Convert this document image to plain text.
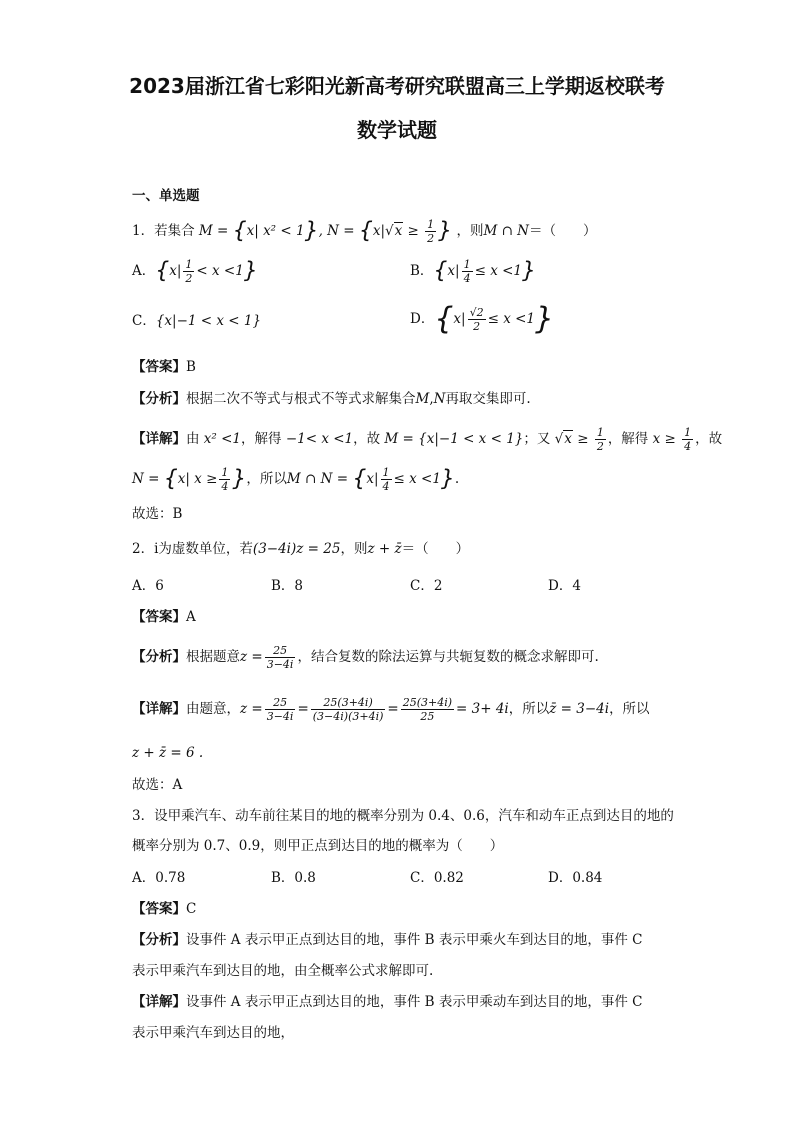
2023届浙江省七彩阳光新高考研究联盟高三上学期返校联考
数学试题
一、单选题
1．若集合 M = {x| x² < 1}, $N = \{x|√x \ge \frac{1}{2}$ } ，则M ∩ N＝（　　）
A．$\{x| \frac{1}{2} < x <1\}$	B．$\{x| \frac{1}{4} \le x <1\}$
C．{x|−1 < x < 1}	D．$\{x| \frac{√2}{2} \le x <1\}$
【答案】B
【分析】根据二次不等式与根式不等式求解集合M,N再取交集即可.
【详解】由 x² <1，解得 −1< x <1，故 M = {x|−1 < x < 1}；又 $√x \ge \frac{1}{2}$ ，解得 $x \ge \frac{1}{4}$ ，故
N = {x| $x \ge \frac{1}{4}$ }，所以M ∩ $N = \{x| \frac{1}{4} \le x <1\}$.
故选：B
2．i为虚数单位，若(3−4i)z = 25，则z + z̄＝（　　）
A．6	B．8	C．2	D．4
【答案】A
【分析】根据题意$z = \frac{25}{3-4i}$ ，结合复数的除法运算与共轭复数的概念求解即可.
【详解】由题意，$z = \frac{25}{3-4i} = \frac{25(3+4i)}{(3-4i)(3+4i)} = \frac{25(3+4i)}{25} = 3+ 4i$，所以z̄ = 3−4i，所以
z + z̄ = 6 .
故选：A
3．设甲乘汽车、动车前往某目的地的概率分别为 0.4、0.6，汽车和动车正点到达目的地的
概率分别为 0.7、0.9，则甲正点到达目的地的概率为（　　）
A．0.78	B．0.8	C．0.82	D．0.84
【答案】C
【分析】设事件 A 表示甲正点到达目的地，事件 B 表示甲乘火车到达目的地，事件 C
表示甲乘汽车到达目的地，由全概率公式求解即可.
【详解】设事件 A 表示甲正点到达目的地，事件 B 表示甲乘动车到达目的地，事件 C
表示甲乘汽车到达目的地，
